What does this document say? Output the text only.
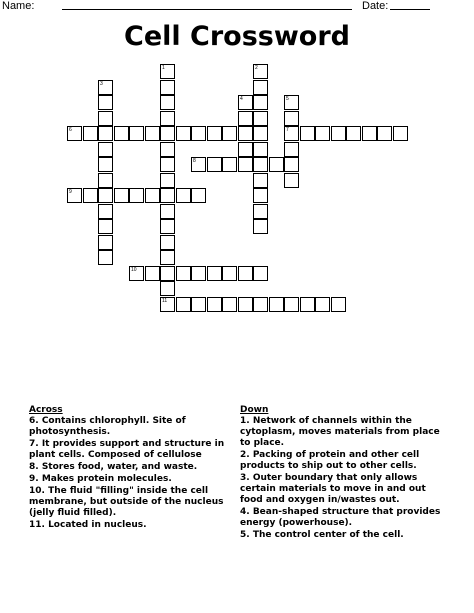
Name:	Date:
Cell Crossword
1
11
2
3
4	5
7
6
8
9
10
Across
6. Contains chlorophyll. Site of photosynthesis.
7. It provides support and structure in plant cells. Composed of cellulose
8. Stores food, water, and waste.
9. Makes protein molecules.
10. The fluid "filling" inside the cell membrane, but outside of the nucleus (jelly fluid filled).
11. Located in nucleus.
Down
1. Network of channels within the cytoplasm, moves materials from place to place.
2. Packing of protein and other cell products to ship out to other cells.
3. Outer boundary that only allows certain materials to move in and out food and oxygen in/wastes out.
4. Bean-shaped structure that provides energy (powerhouse).
5. The control center of the cell.
